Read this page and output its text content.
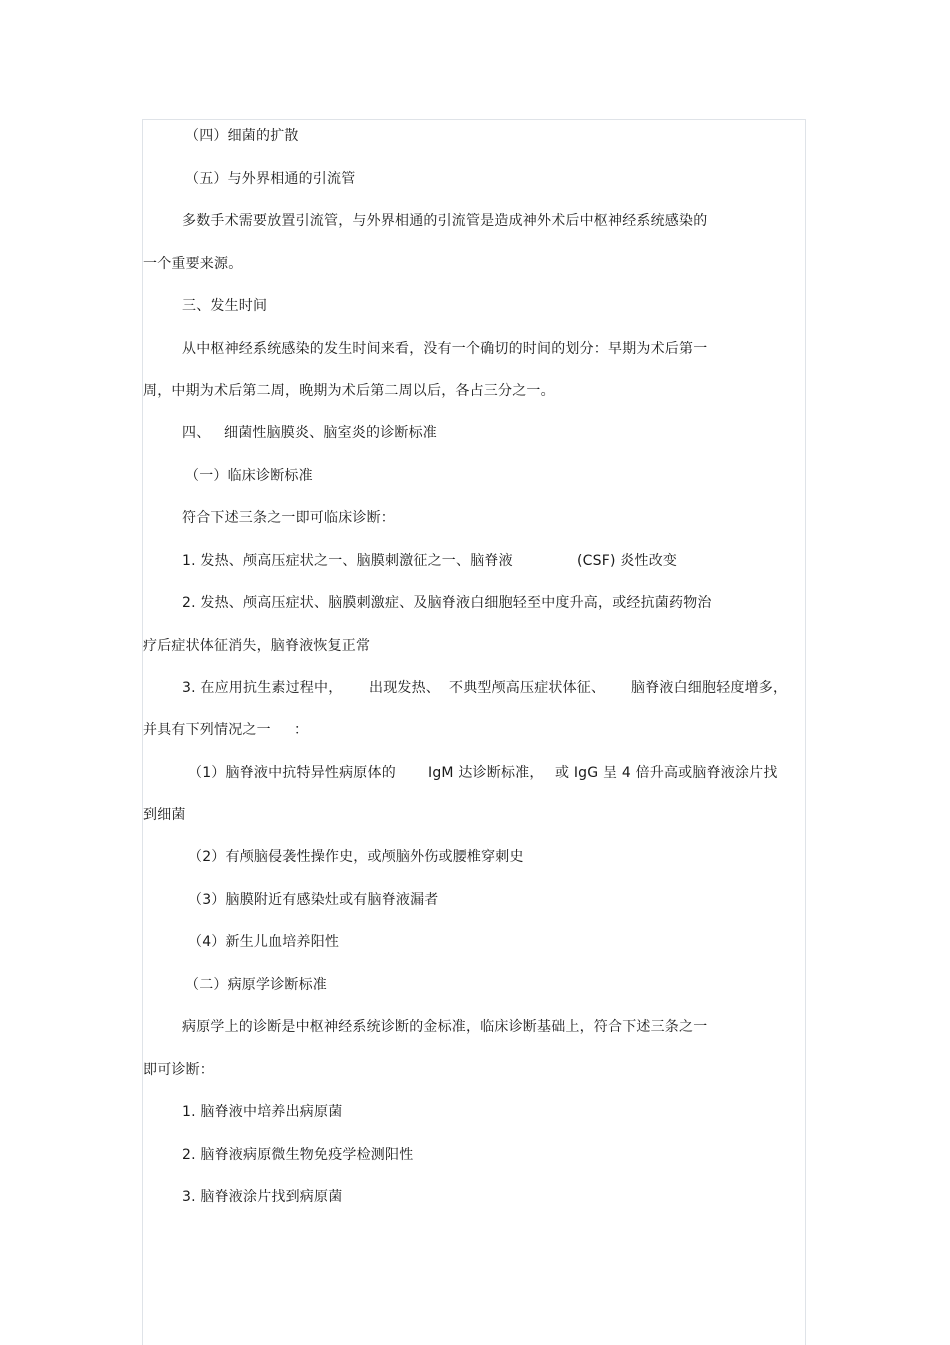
（四）细菌的扩散
（五）与外界相通的引流管
多数手术需要放置引流管，与外界相通的引流管是造成神外术后中枢神经系统感染的
一个重要来源。
三、发生时间
从中枢神经系统感染的发生时间来看，没有一个确切的时间的划分：早期为术后第一
周，中期为术后第二周，晚期为术后第二周以后，各占三分之一。
四、 细菌性脑膜炎、脑室炎的诊断标准
（一）临床诊断标准
符合下述三条之一即可临床诊断：
1. 发热、颅高压症状之一、脑膜刺激征之一、脑脊液	(CSF) 炎性改变
2. 发热、颅高压症状、脑膜刺激症、及脑脊液白细胞轻至中度升高，或经抗菌药物治
疗后症状体征消失，脑脊液恢复正常
3. 在应用抗生素过程中， 出现发热、 不典型颅高压症状体征、 脑脊液白细胞轻度增多，
并具有下列情况之一 ：
（1）脑脊液中抗特异性病原体的 IgM 达诊断标准， 或 IgG 呈 4 倍升高或脑脊液涂片找
到细菌
（2）有颅脑侵袭性操作史，或颅脑外伤或腰椎穿刺史
（3）脑膜附近有感染灶或有脑脊液漏者
（4）新生儿血培养阳性
（二）病原学诊断标准
病原学上的诊断是中枢神经系统诊断的金标准，临床诊断基础上，符合下述三条之一
即可诊断：
1. 脑脊液中培养出病原菌
2. 脑脊液病原微生物免疫学检测阳性
3. 脑脊液涂片找到病原菌
